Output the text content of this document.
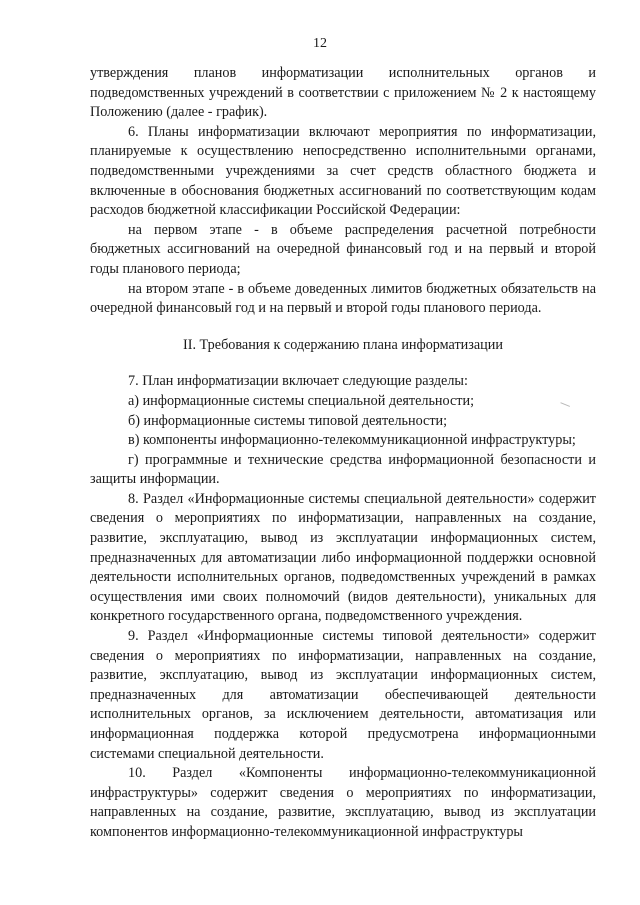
12

утверждения планов информатизации исполнительных органов и подведомственных учреждений в соответствии с приложением № 2 к настоящему Положению (далее - график).

6. Планы информатизации включают мероприятия по информатизации, планируемые к осуществлению непосредственно исполнительными органами, подведомственными учреждениями за счет средств областного бюджета и включенные в обоснования бюджетных ассигнований по соответствующим кодам расходов бюджетной классификации Российской Федерации:

на первом этапе - в объеме распределения расчетной потребности бюджетных ассигнований на очередной финансовый год и на первый и второй годы планового периода;

на втором этапе - в объеме доведенных лимитов бюджетных обязательств на очередной финансовый год и на первый и второй годы планового периода.

II. Требования к содержанию плана информатизации

7. План информатизации включает следующие разделы:

а) информационные системы специальной деятельности;

б) информационные системы типовой деятельности;

в) компоненты информационно-телекоммуникационной инфраструктуры;

г) программные и технические средства информационной безопасности и защиты информации.

8. Раздел «Информационные системы специальной деятельности» содержит сведения о мероприятиях по информатизации, направленных на создание, развитие, эксплуатацию, вывод из эксплуатации информационных систем, предназначенных для автоматизации либо информационной поддержки основной деятельности исполнительных органов, подведомственных учреждений в рамках осуществления ими своих полномочий (видов деятельности), уникальных для конкретного государственного органа, подведомственного учреждения.

9. Раздел «Информационные системы типовой деятельности» содержит сведения о мероприятиях по информатизации, направленных на создание, развитие, эксплуатацию, вывод из эксплуатации информационных систем, предназначенных для автоматизации обеспечивающей деятельности исполнительных органов, за исключением деятельности, автоматизация или информационная поддержка которой предусмотрена информационными системами специальной деятельности.

10. Раздел «Компоненты информационно-телекоммуникационной инфраструктуры» содержит сведения о мероприятиях по информатизации, направленных на создание, развитие, эксплуатацию, вывод из эксплуатации компонентов информационно-телекоммуникационной инфраструктуры
